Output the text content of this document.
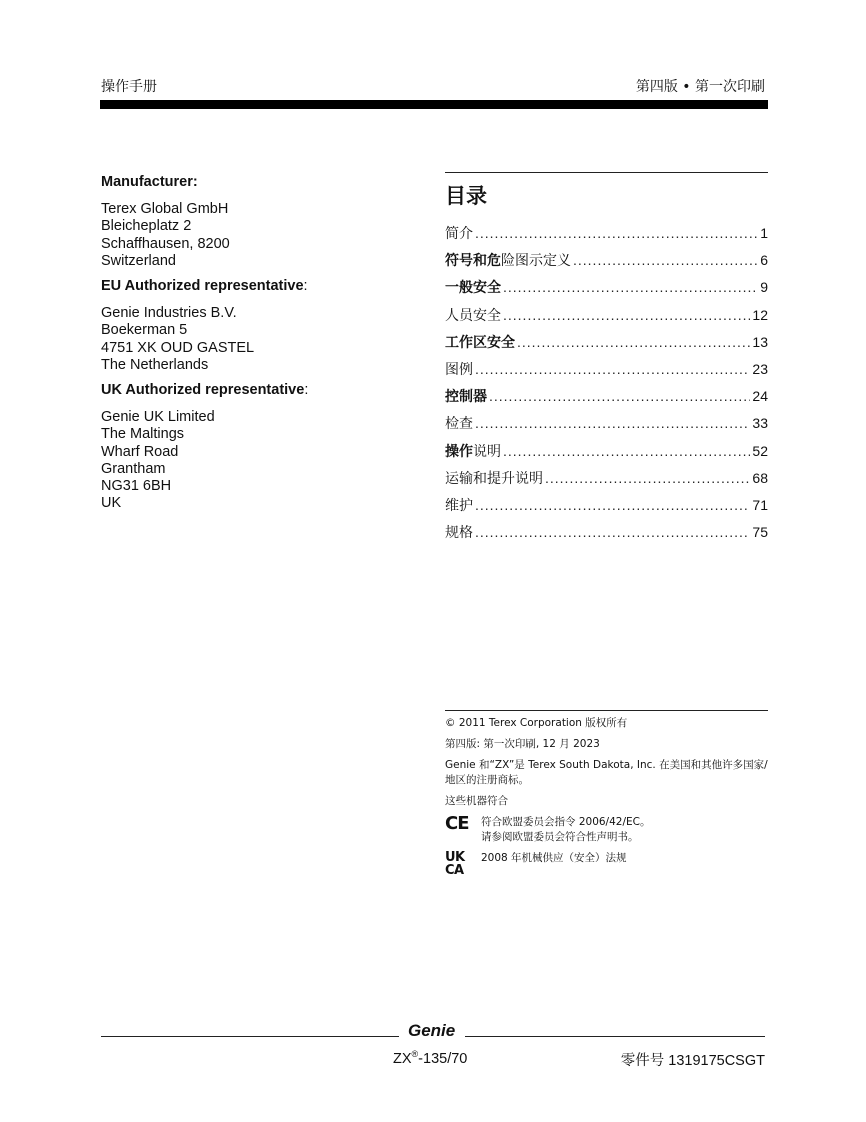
操作手册	第四版 • 第一次印刷

Manufacturer:

Terex Global GmbH
Bleicheplatz 2
Schaffhausen, 8200
Switzerland

EU Authorized representative:

Genie Industries B.V.
Boekerman 5
4751 XK OUD GASTEL
The Netherlands

UK Authorized representative:

Genie UK Limited
The Maltings
Wharf Road
Grantham
NG31 6BH
UK
目录
简介 .....	1
符号和危险图示定义 .....	6
一般安全 .....	9
人员安全 .....	12
工作区安全 .....	13
图例 .....	23
控制器 .....	24
检查 .....	33
操作说明 .....	52
运输和提升说明 .....	68
维护 .....	71
规格 .....	75

© 2011 Terex Corporation 版权所有

第四版: 第一次印刷, 12 月 2023

Genie 和“ZX”是 Terex South Dakota, Inc. 在美国和其他许多国家/地区的注册商标。

这些机器符合

CE	符合欧盟委员会指令 2006/42/EC。
请参阅欧盟委员会符合性声明书。
UK
CA
2008 年机械供应（安全）法规
Genie
ZX®-135/70	零件号 1319175CSGT
